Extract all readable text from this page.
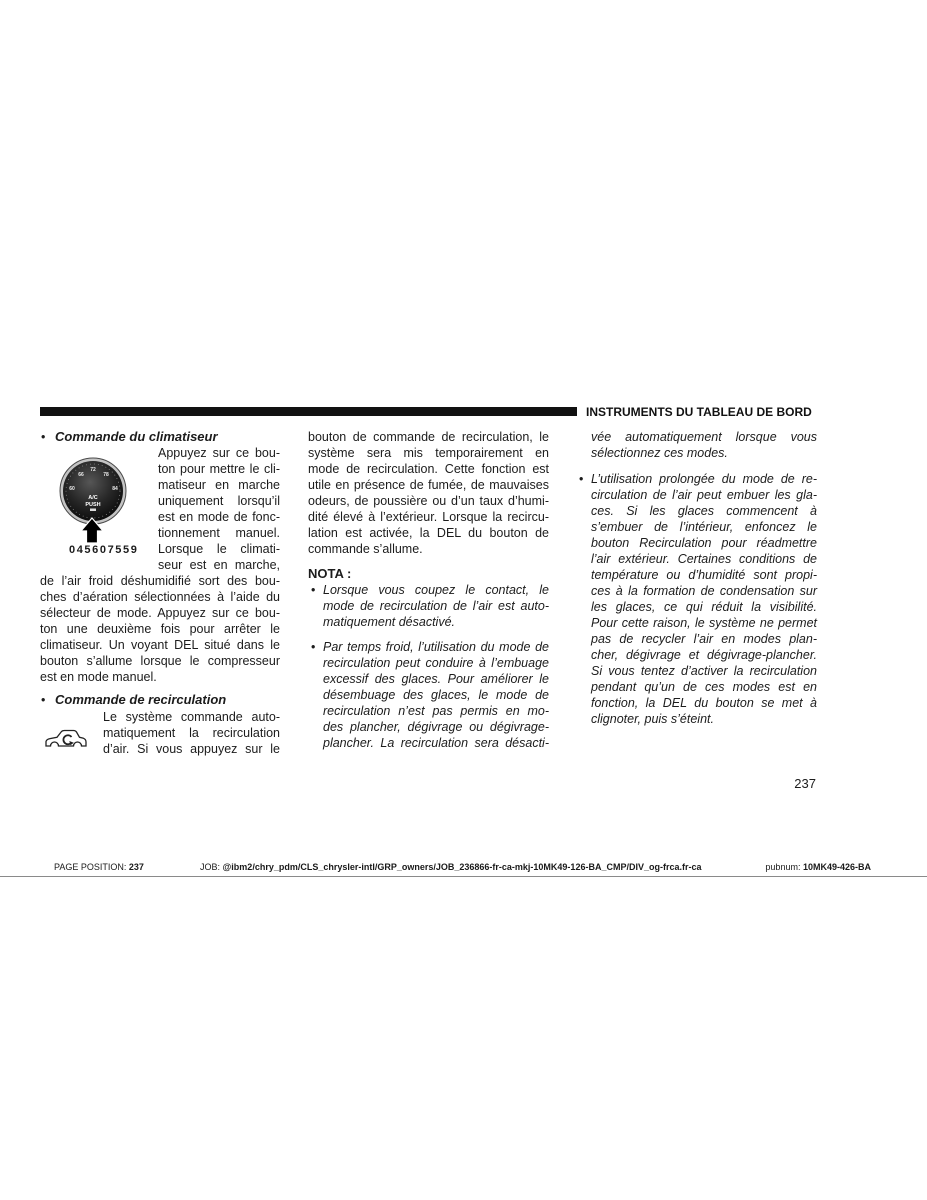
INSTRUMENTS DU TABLEAU DE BORD
• Commande du climatiseur
66
72
78
60	84
A/C
PUSH
045607559
Appuyez sur ce bou-
ton pour mettre le cli-
matiseur en marche
uniquement lorsqu’il
est en mode de fonc-
tionnement manuel.
Lorsque le climati-
seur est en marche,
de l’air froid déshumidifié sort des bou-
ches d’aération sélectionnées à l’aide du
sélecteur de mode. Appuyez sur ce bou-
ton une deuxième fois pour arrêter le
climatiseur. Un voyant DEL situé dans le
bouton s’allume lorsque le compresseur
est en mode manuel.
• Commande de recirculation
Le système commande auto-
matiquement la recirculation
d’air. Si vous appuyez sur le
bouton de commande de recirculation, le
système sera mis temporairement en
mode de recirculation. Cette fonction est
utile en présence de fumée, de mauvaises
odeurs, de poussière ou d’un taux d’humi-
dité élevé à l’extérieur. Lorsque la recircu-
lation est activée, la DEL du bouton de
commande s’allume.
NOTA :
• Lorsque vous coupez le contact, le
mode de recirculation de l’air est auto-
matiquement désactivé.
• Par temps froid, l’utilisation du mode de
recirculation peut conduire à l’embuage
excessif des glaces. Pour améliorer le
désembuage des glaces, le mode de
recirculation n’est pas permis en mo-
des plancher, dégivrage ou dégivrage-
plancher. La recirculation sera désacti-
vée automatiquement lorsque vous
sélectionnez ces modes.
• L’utilisation prolongée du mode de re-
circulation de l’air peut embuer les gla-
ces. Si les glaces commencent à
s’embuer de l’intérieur, enfoncez le
bouton Recirculation pour réadmettre
l’air extérieur. Certaines conditions de
température ou d’humidité sont propi-
ces à la formation de condensation sur
les glaces, ce qui réduit la visibilité.
Pour cette raison, le système ne permet
pas de recycler l’air en modes plan-
cher, dégivrage et dégivrage-plancher.
Si vous tentez d’activer la recirculation
pendant qu’un de ces modes est en
fonction, la DEL du bouton se met à
clignoter, puis s’éteint.
237
PAGE POSITION: 237	JOB: @ibm2/chry_pdm/CLS_chrysler-intl/GRP_owners/JOB_236866-fr-ca-mkj-10MK49-126-BA_CMP/DIV_og-frca.fr-ca	pubnum: 10MK49-426-BA
